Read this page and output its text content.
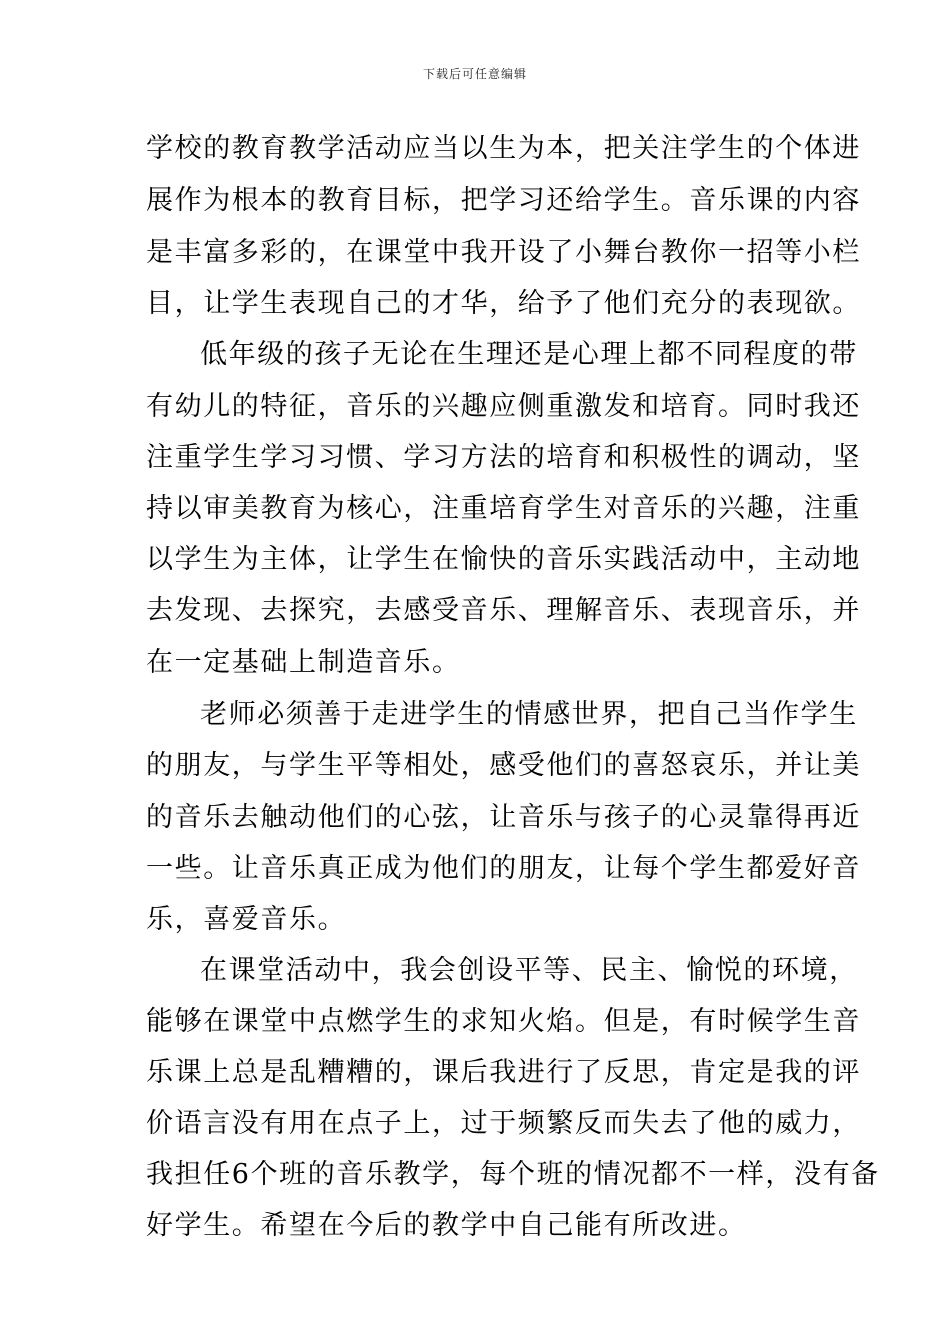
下载后可任意编辑
学校的教育教学活动应当以生为本，把关注学生的个体进
展作为根本的教育目标，把学习还给学生。音乐课的内容
是丰富多彩的，在课堂中我开设了小舞台教你一招等小栏
目，让学生表现自己的才华，给予了他们充分的表现欲。
低年级的孩子无论在生理还是心理上都不同程度的带
有幼儿的特征，音乐的兴趣应侧重激发和培育。同时我还
注重学生学习习惯、学习方法的培育和积极性的调动，坚
持以审美教育为核心，注重培育学生对音乐的兴趣，注重
以学生为主体，让学生在愉快的音乐实践活动中，主动地
去发现、去探究，去感受音乐、理解音乐、表现音乐，并
在一定基础上制造音乐。
老师必须善于走进学生的情感世界，把自己当作学生
的朋友，与学生平等相处，感受他们的喜怒哀乐，并让美
的音乐去触动他们的心弦，让音乐与孩子的心灵靠得再近
一些。让音乐真正成为他们的朋友，让每个学生都爱好音
乐，喜爱音乐。
在课堂活动中，我会创设平等、民主、愉悦的环境，
能够在课堂中点燃学生的求知火焰。但是，有时候学生音
乐课上总是乱糟糟的，课后我进行了反思，肯定是我的评
价语言没有用在点子上，过于频繁反而失去了他的威力，
我担任6个班的音乐教学，每个班的情况都不一样，没有备
好学生。希望在今后的教学中自己能有所改进。
